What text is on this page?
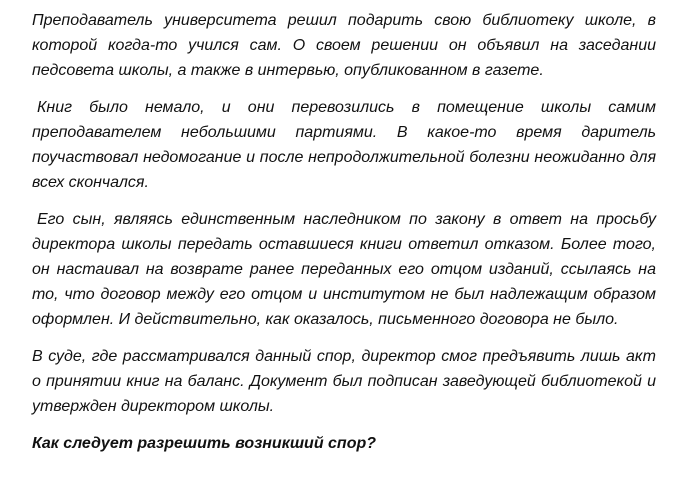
Преподаватель университета решил подарить свою библиотеку школе, в которой когда-то учился сам. О своем решении он объявил на заседании педсовета школы, а также в интервью, опубликованном в газете.

Книг было немало, и они перевозились в помещение школы самим преподавателем небольшими партиями. В какое-то время даритель поучаствовал недомогание и после непродолжительной болезни неожиданно для всех скончался.

Его сын, являясь единственным наследником по закону в ответ на просьбу директора школы передать оставшиеся книги ответил отказом. Более того, он настаивал на возврате ранее переданных его отцом изданий, ссылаясь на то, что договор между его отцом и институтом не был надлежащим образом оформлен. И действительно, как оказалось, письменного договора не было.

В суде, где рассматривался данный спор, директор смог предъявить лишь акт о принятии книг на баланс. Документ был подписан заведующей библиотекой и утвержден директором школы.

Как следует разрешить возникший спор?
